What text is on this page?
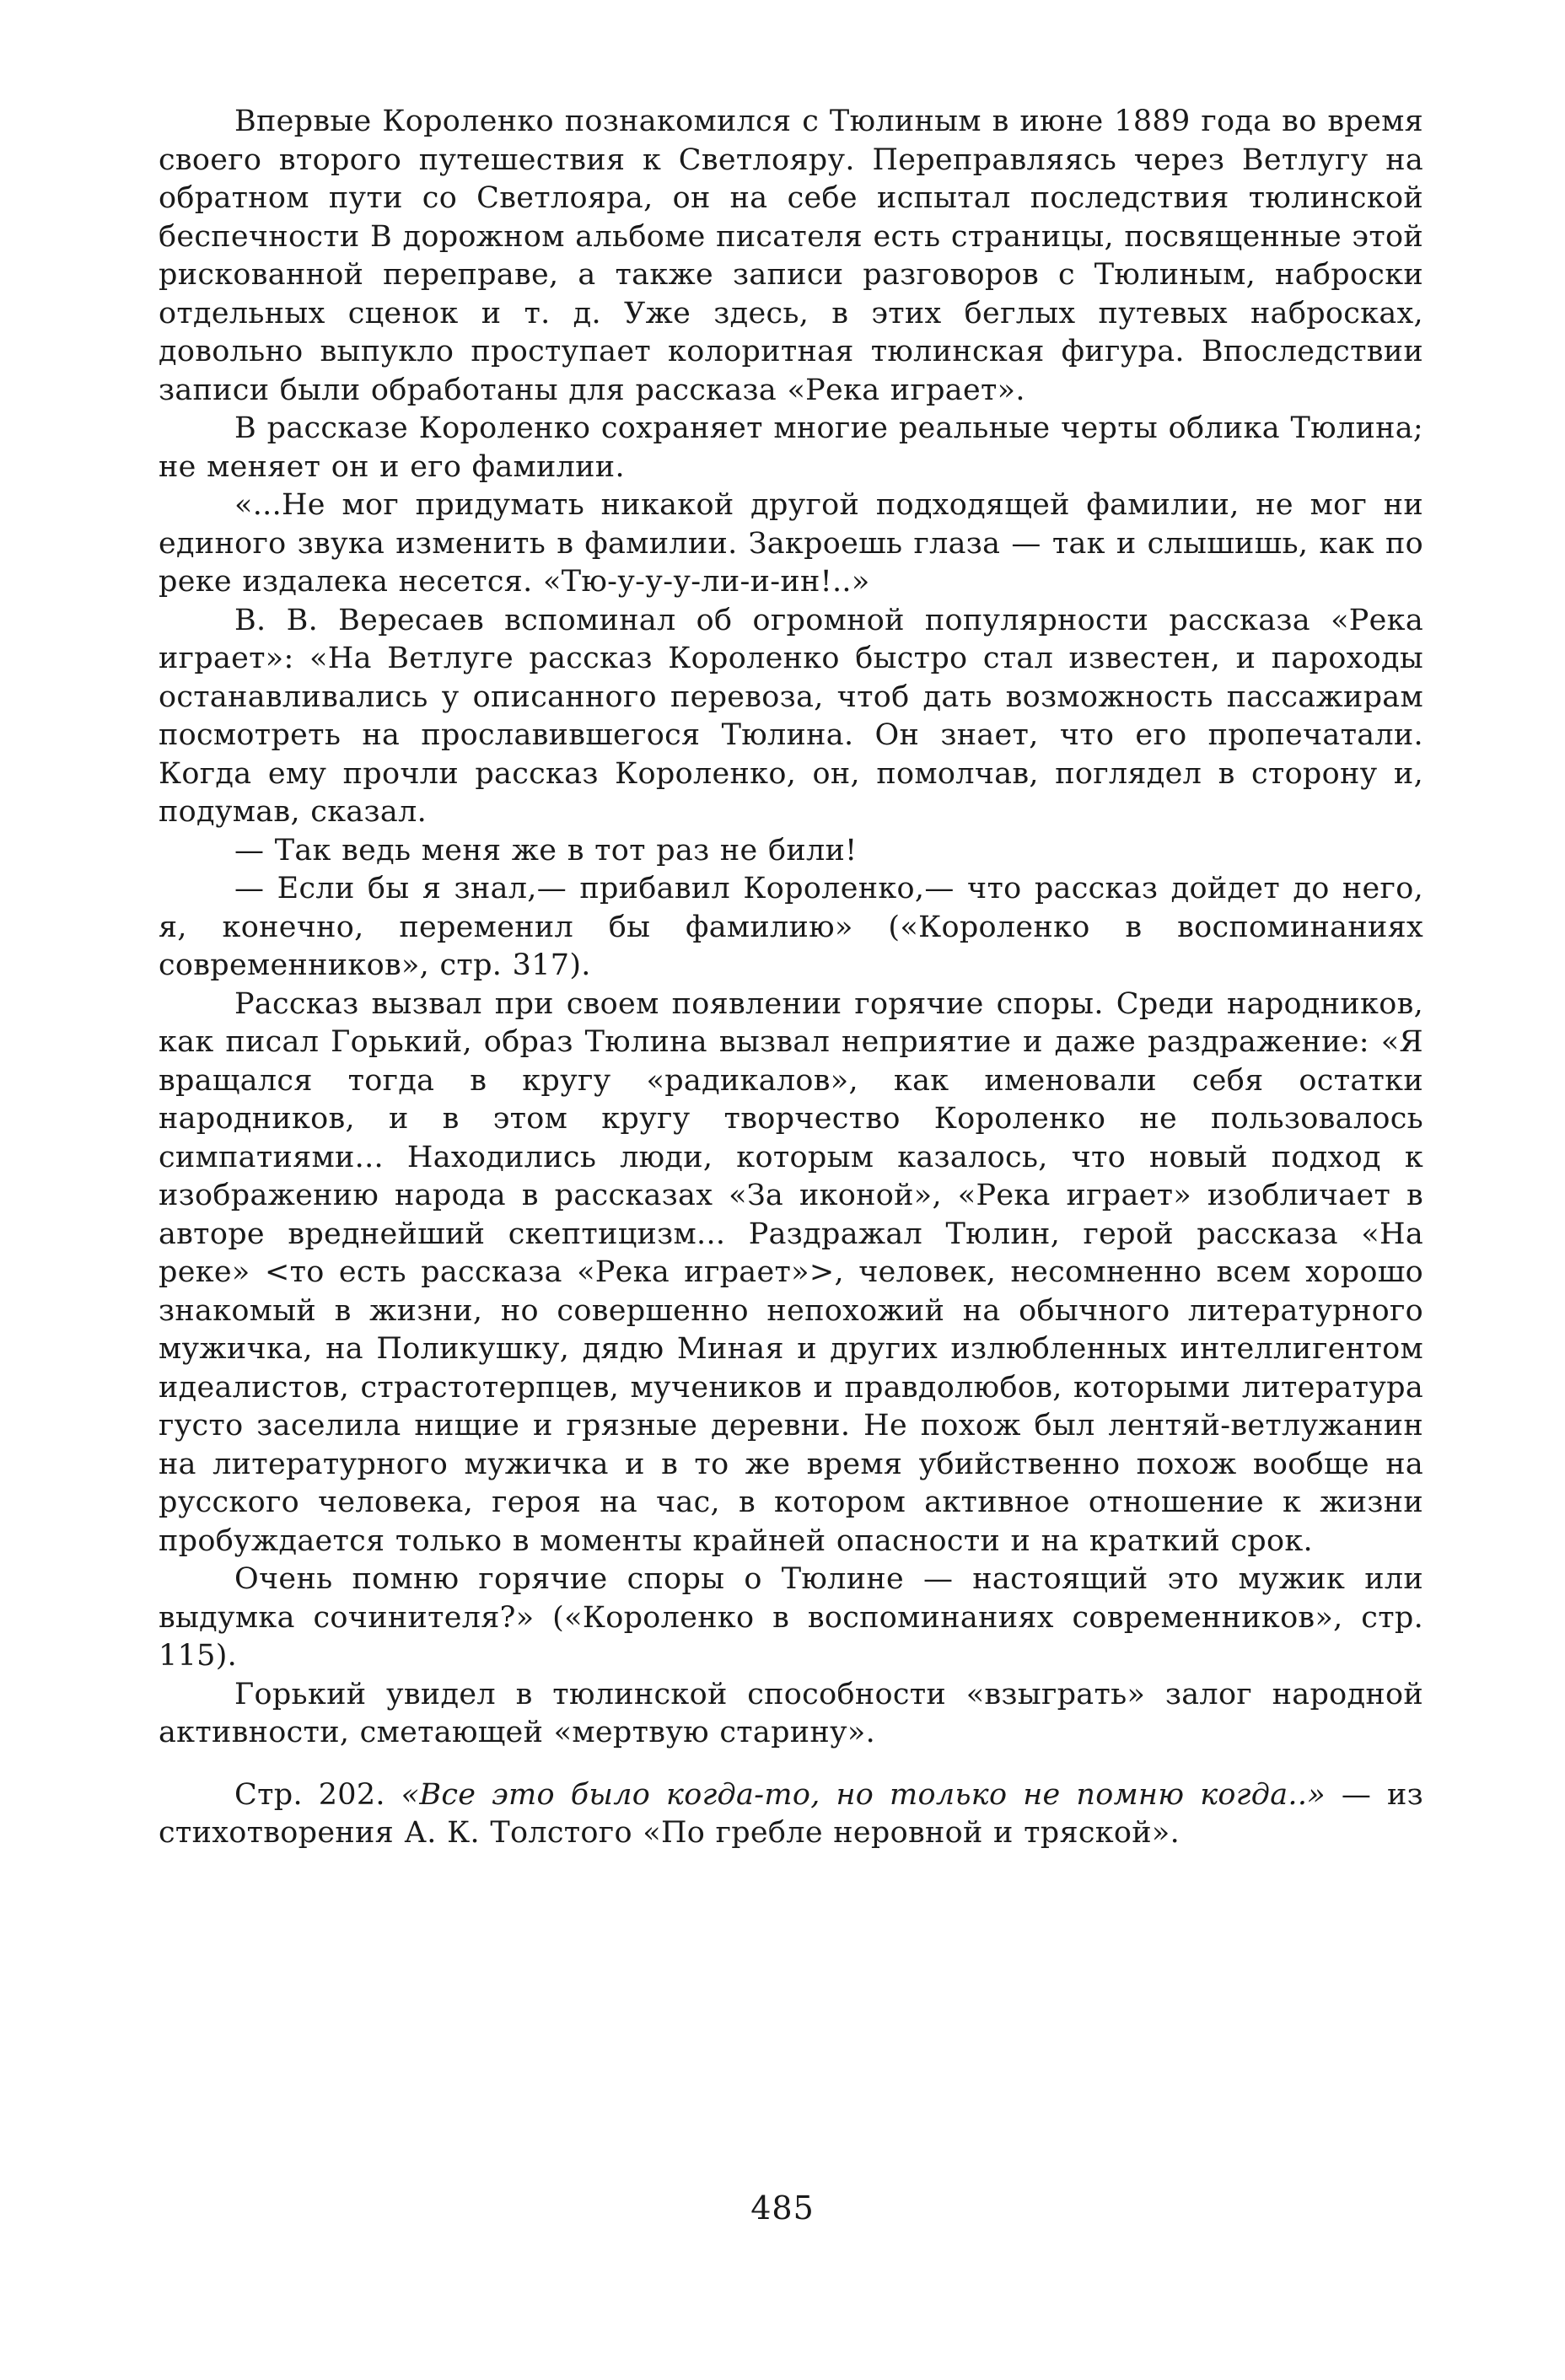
Впервые Короленко познакомился с Тюлиным в июне 1889 года во время своего второго путешествия к Светлояру. Переправляясь через Ветлугу на обратном пути со Светлояра, он на себе испытал последствия тюлинской беспечности В дорожном альбоме писателя есть страницы, посвященные этой рискованной переправе, а также записи разговоров с Тюлиным, наброски отдельных сценок и т. д. Уже здесь, в этих беглых путевых набросках, довольно выпукло проступает колоритная тюлинская фигура. Впоследствии записи были обработаны для рассказа «Река играет».

В рассказе Короленко сохраняет многие реальные черты облика Тюлина; не меняет он и его фамилии.

«...Не мог придумать никакой другой подходящей фамилии, не мог ни единого звука изменить в фамилии. Закроешь глаза — так и слышишь, как по реке издалека несется. «Тю-у-у-у-ли-и-ин!..»

В. В. Вересаев вспоминал об огромной популярности рассказа «Река играет»: «На Ветлуге рассказ Короленко быстро стал известен, и пароходы останавливались у описанного перевоза, чтоб дать возможность пассажирам посмотреть на прославившегося Тюлина. Он знает, что его пропечатали. Когда ему прочли рассказ Короленко, он, помолчав, поглядел в сторону и, подумав, сказал.

— Так ведь меня же в тот раз не били!

— Если бы я знал,— прибавил Короленко,— что рассказ дойдет до него, я, конечно, переменил бы фамилию» («Короленко в воспоминаниях современников», стр. 317).

Рассказ вызвал при своем появлении горячие споры. Среди народников, как писал Горький, образ Тюлина вызвал неприятие и даже раздражение: «Я вращался тогда в кругу «радикалов», как именовали себя остатки народников, и в этом кругу творчество Короленко не пользовалось симпатиями... Находились люди, которым казалось, что новый подход к изображению народа в рассказах «За иконой», «Река играет» изобличает в авторе вреднейший скептицизм... Раздражал Тюлин, герой рассказа «На реке» <то есть рассказа «Река играет»>, человек, несомненно всем хорошо знакомый в жизни, но совершенно непохожий на обычного литературного мужичка, на Поликушку, дядю Миная и других излюбленных интеллигентом идеалистов, страстотерпцев, мучеников и правдолюбов, которыми литература густо заселила нищие и грязные деревни. Не похож был лентяй-ветлужанин на литературного мужичка и в то же время убийственно похож вообще на русского человека, героя на час, в котором активное отношение к жизни пробуждается только в моменты крайней опасности и на краткий срок.

Очень помню горячие споры о Тюлине — настоящий это мужик или выдумка сочинителя?» («Короленко в воспоминаниях современников», стр. 115).

Горький увидел в тюлинской способности «взыграть» залог народной активности, сметающей «мертвую старину».

Стр. 202. «Все это было когда-то, но только не помню когда..» — из стихотворения А. К. Толстого «По гребле неровной и тряской».

485
